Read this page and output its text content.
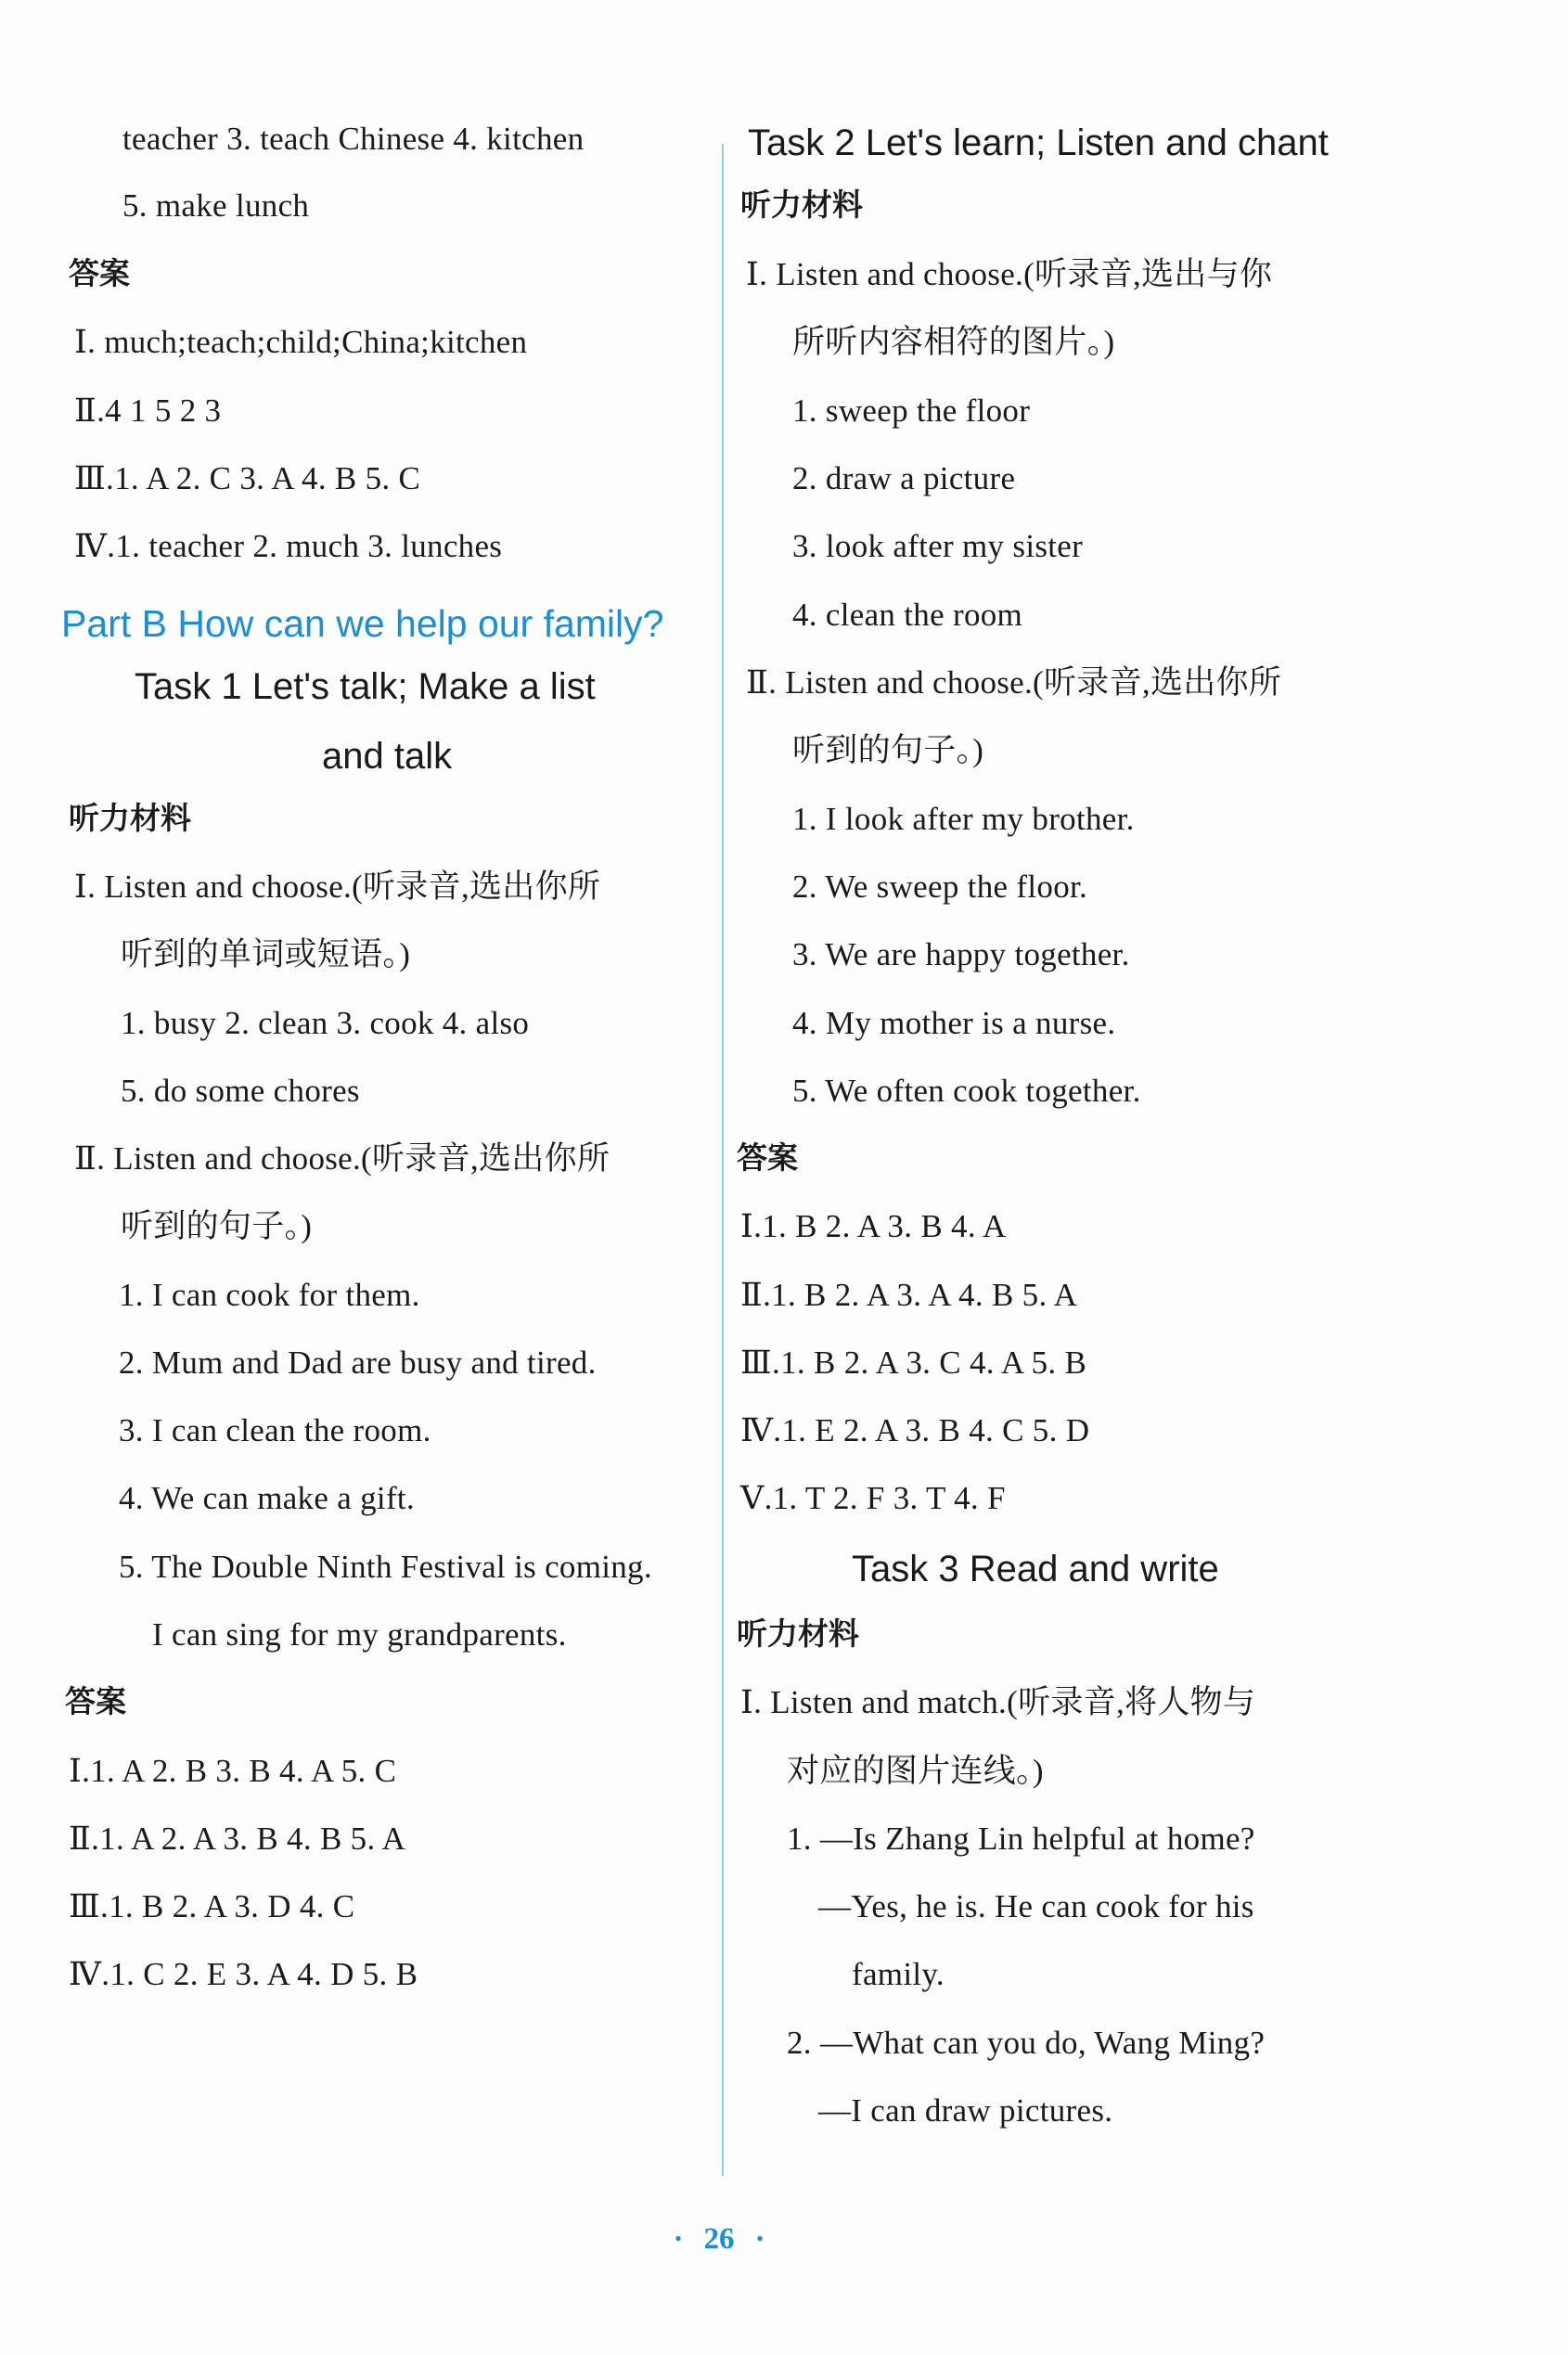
teacher 3. teach Chinese 4. kitchen
5. make lunch
答案
Ⅰ. much;teach;child;China;kitchen
Ⅱ.4 1 5 2 3
Ⅲ.1. A 2. C 3. A 4. B 5. C
Ⅳ.1. teacher 2. much 3. lunches
Part B How can we help our family?
Task 1 Let's talk; Make a list
and talk
听力材料
Ⅰ. Listen and choose.(听录音,选出你所
听到的单词或短语。)
1. busy 2. clean 3. cook 4. also
5. do some chores
Ⅱ. Listen and choose.(听录音,选出你所
听到的句子。)
1. I can cook for them.
2. Mum and Dad are busy and tired.
3. I can clean the room.
4. We can make a gift.
5. The Double Ninth Festival is coming.
I can sing for my grandparents.
答案
Ⅰ.1. A 2. B 3. B 4. A 5. C
Ⅱ.1. A 2. A 3. B 4. B 5. A
Ⅲ.1. B 2. A 3. D 4. C
Ⅳ.1. C 2. E 3. A 4. D 5. B
Task 2 Let's learn; Listen and chant
听力材料
Ⅰ. Listen and choose.(听录音,选出与你
所听内容相符的图片。)
1. sweep the floor
2. draw a picture
3. look after my sister
4. clean the room
Ⅱ. Listen and choose.(听录音,选出你所
听到的句子。)
1. I look after my brother.
2. We sweep the floor.
3. We are happy together.
4. My mother is a nurse.
5. We often cook together.
答案
Ⅰ.1. B 2. A 3. B 4. A
Ⅱ.1. B 2. A 3. A 4. B 5. A
Ⅲ.1. B 2. A 3. C 4. A 5. B
Ⅳ.1. E 2. A 3. B 4. C 5. D
Ⅴ.1. T 2. F 3. T 4. F
Task 3 Read and write
听力材料
Ⅰ. Listen and match.(听录音,将人物与
对应的图片连线。)
1. —Is Zhang Lin helpful at home?
—Yes, he is. He can cook for his
family.
2. —What can you do, Wang Ming?
—I can draw pictures.
· 26 ·
